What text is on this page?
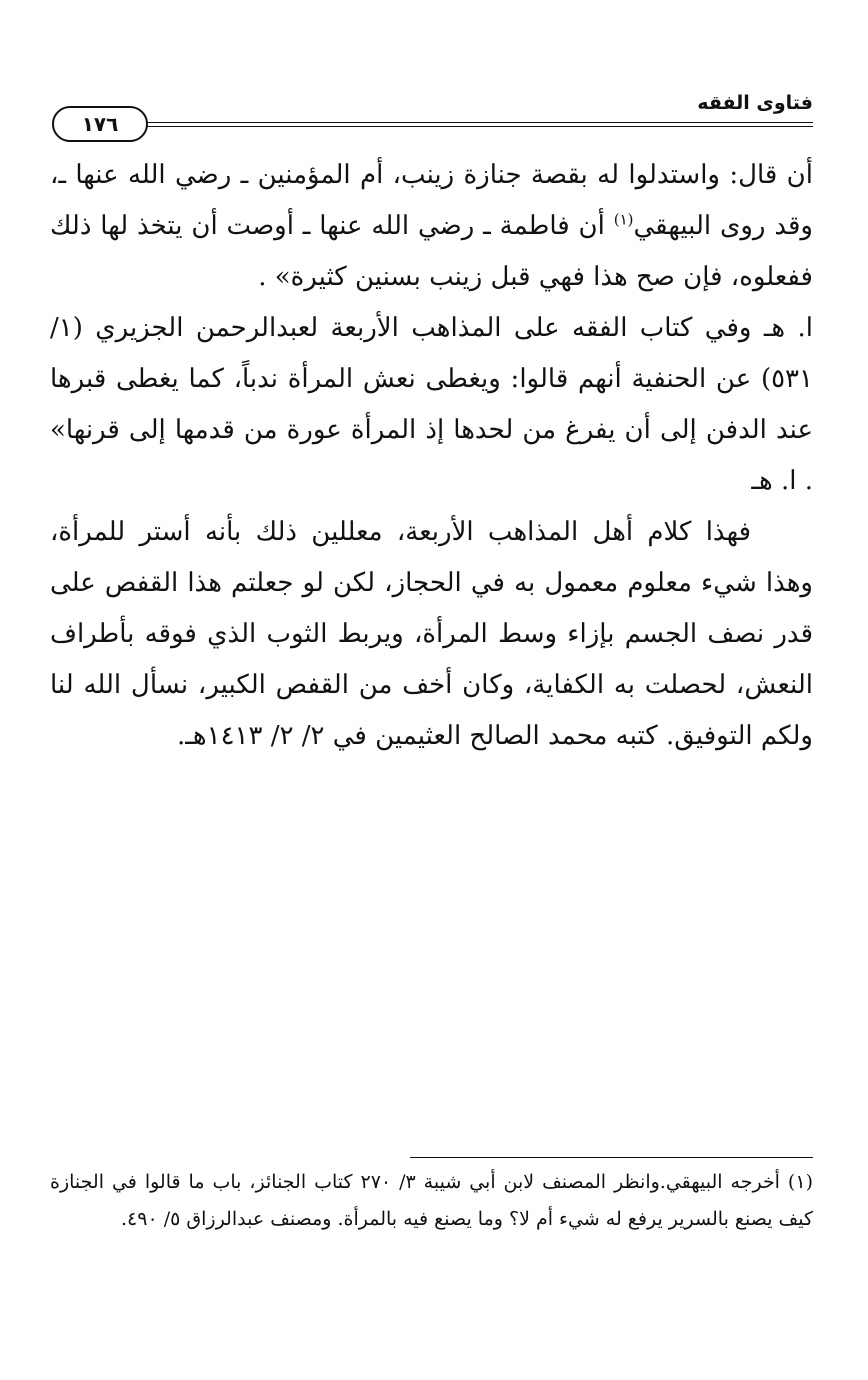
فتاوى الفقه
١٧٦

أن قال: واستدلوا له بقصة جنازة زينب، أم المؤمنين ـ رضي الله عنها ـ، وقد روى البيهقي$^{(١)}$ أن فاطمة ـ رضي الله عنها ـ أوصت أن يتخذ لها ذلك ففعلوه، فإن صح هذا فهي قبل زينب بسنين كثيرة» .

ا. هـ وفي كتاب الفقه على المذاهب الأربعة لعبدالرحمن الجزيري (١/ ٥٣١) عن الحنفية أنهم قالوا: ويغطى نعش المرأة ندباً، كما يغطى قبرها عند الدفن إلى أن يفرغ من لحدها إذ المرأة عورة من قدمها إلى قرنها» . ا. هـ

فهذا كلام أهل المذاهب الأربعة، معللين ذلك بأنه أستر للمرأة، وهذا شيء معلوم معمول به في الحجاز، لكن لو جعلتم هذا القفص على قدر نصف الجسم بإزاء وسط المرأة، ويربط الثوب الذي فوقه بأطراف النعش، لحصلت به الكفاية، وكان أخف من القفص الكبير، نسأل الله لنا ولكم التوفيق. كتبه محمد الصالح العثيمين في ٢/ ٢/ ١٤١٣هـ.

(١) أخرجه البيهقي.وانظر المصنف لابن أبي شيبة ٣/ ٢٧٠ كتاب الجنائز، باب ما قالوا في الجنازة كيف يصنع بالسرير يرفع له شيء أم لا؟ وما يصنع فيه بالمرأة. ومصنف عبدالرزاق ٥/ ٤٩٠.
